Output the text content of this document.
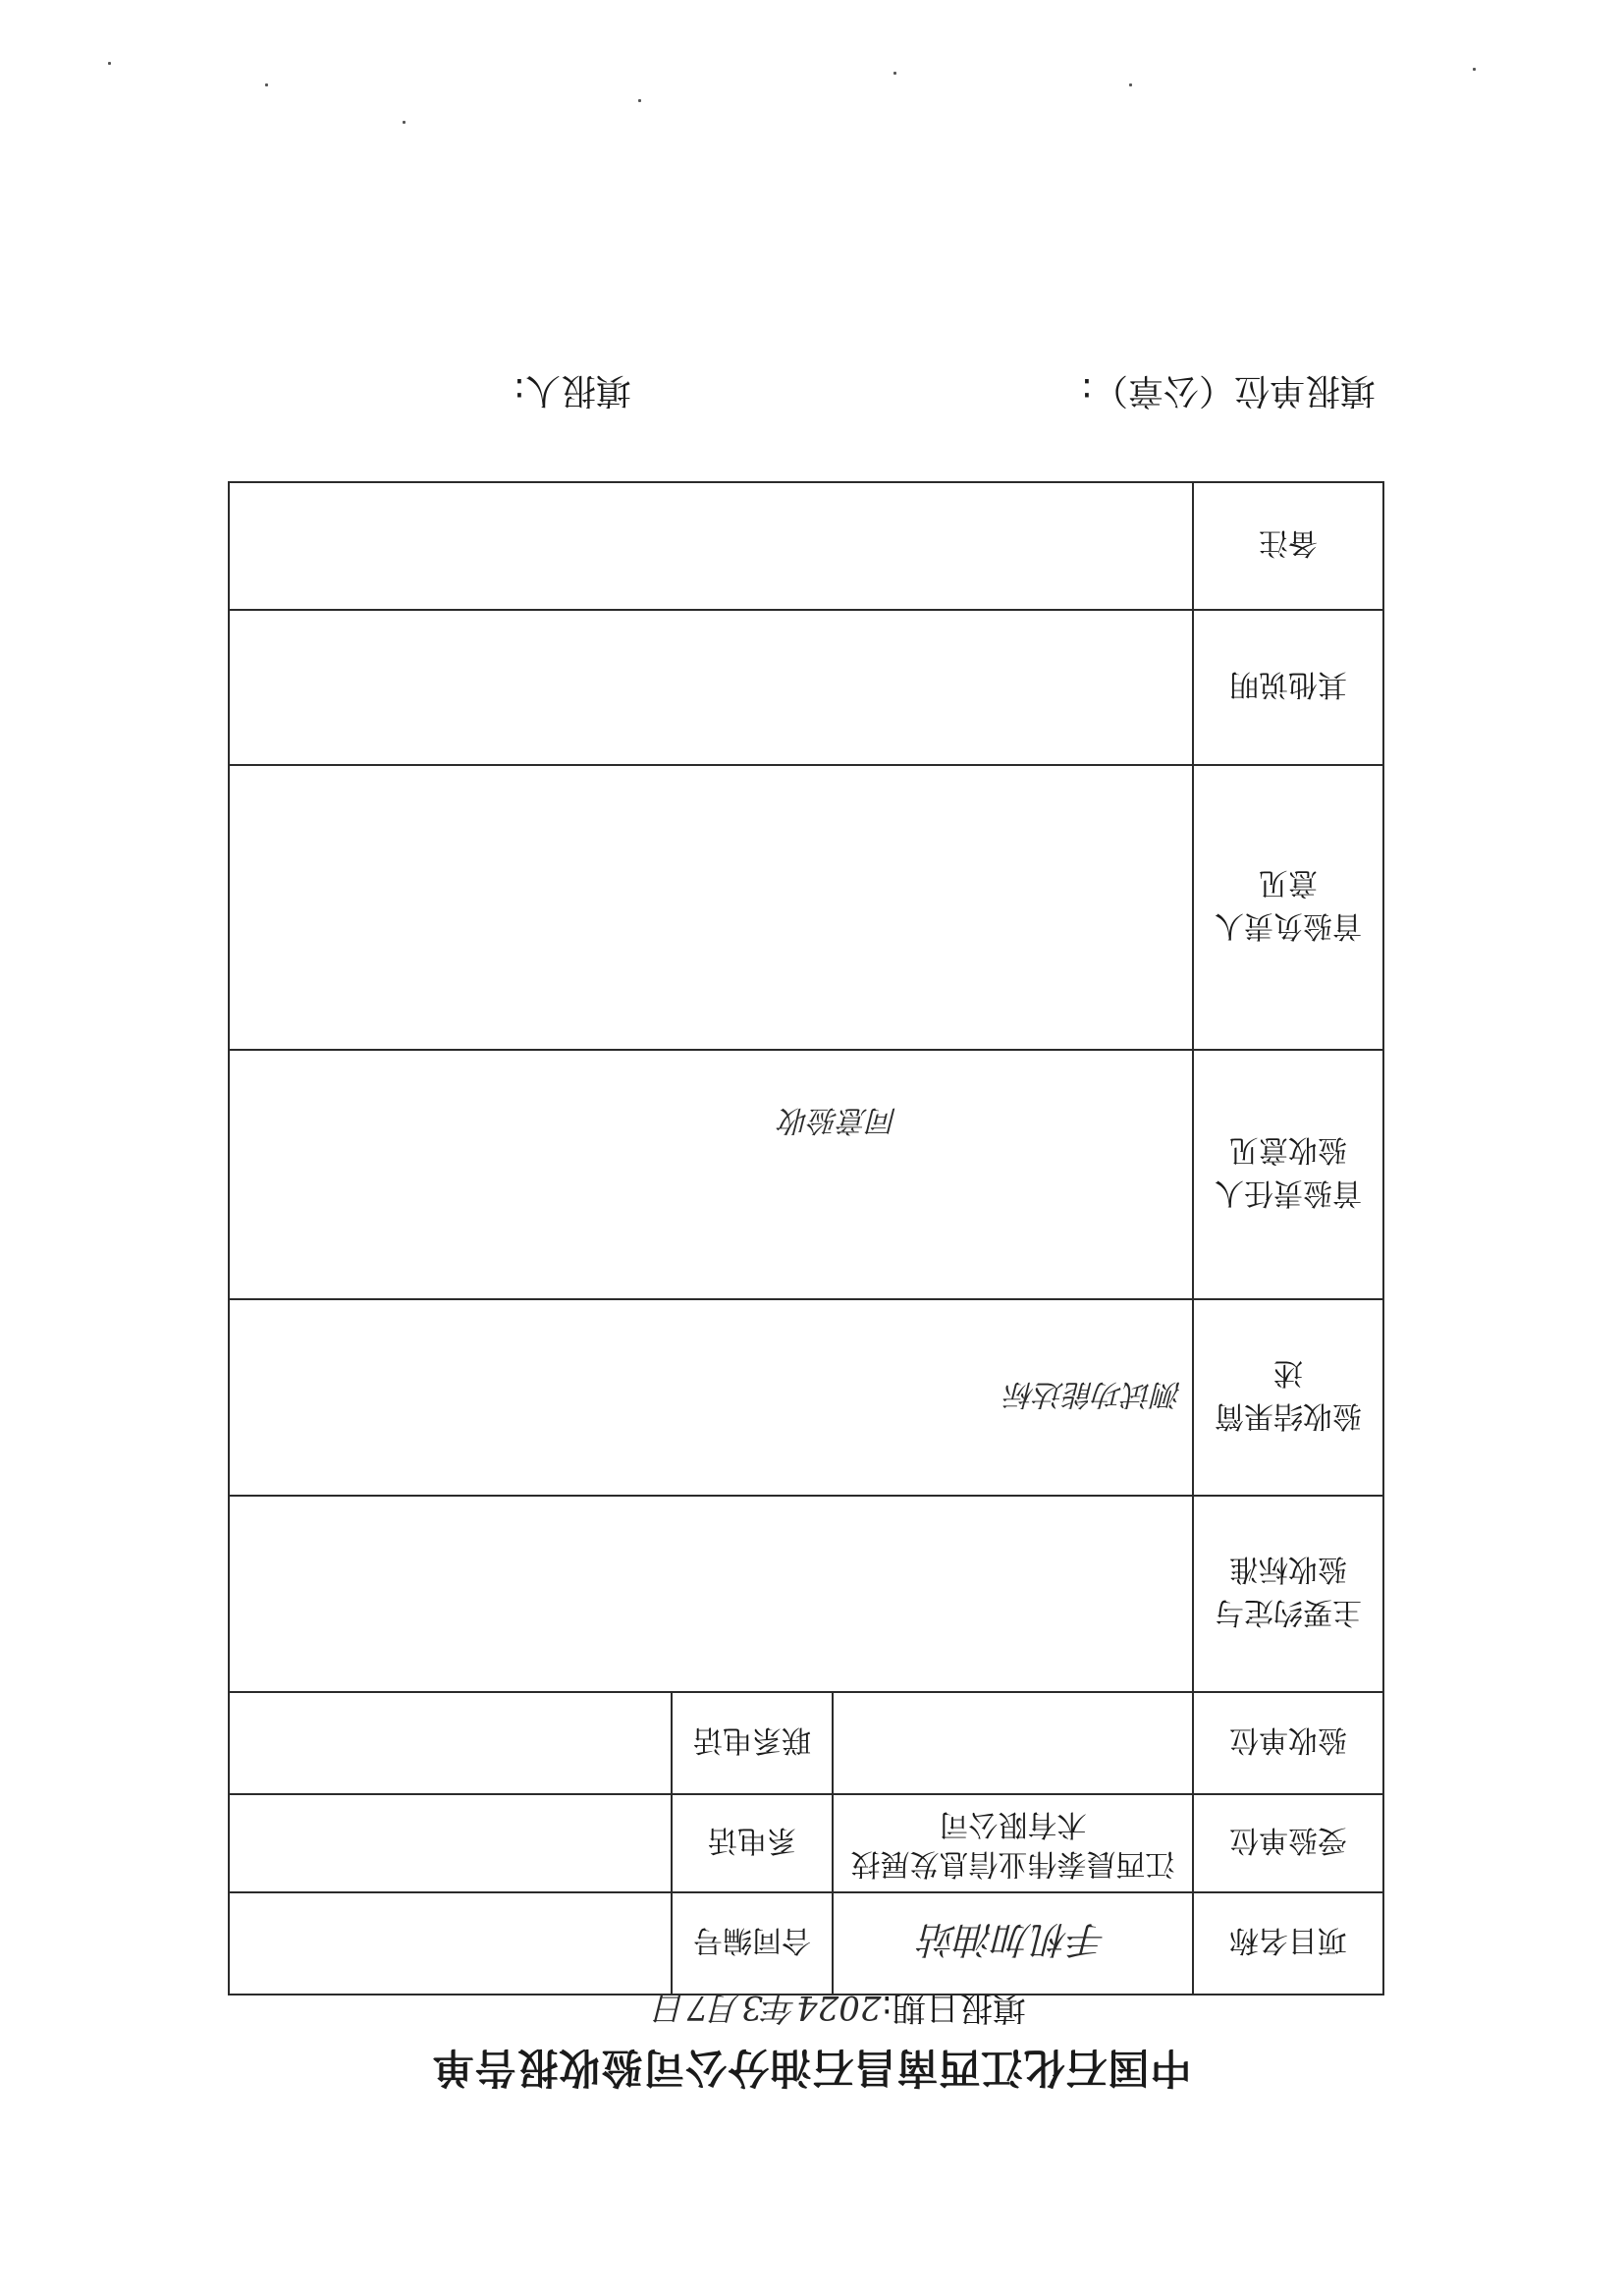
中国石化江西南昌石油分公司验收报告单
填报日期:2024年3月7日
项目名称	手机加油站	合同编号	
受验单位	江西晨泰伟业信息发展技术有限公司	系电话	
验收单位		联系电话	
主要约定与验收标准			
验收结果简述	测试功能达标		
首验责任人验收意见	同意验收		
首验负责人意见			
其他说明			
备注			
填报单位（公章）:
填报人:
